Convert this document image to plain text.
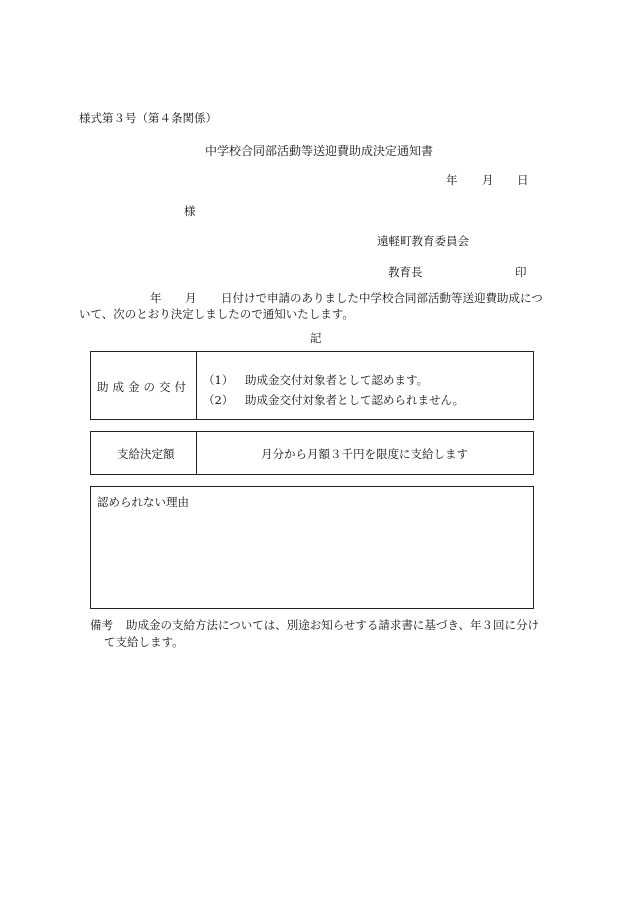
様式第３号（第４条関係）
中学校合同部活動等送迎費助成決定通知書
年 月 日
様
遠軽町教育委員会
教育長	印
年 月 日付けで申請のありました中学校合同部活動等送迎費助成につ
いて、次のとおり決定しましたので通知いたします。
記
助成金の交付 （1） 助成金交付対象者として認めます。
（2） 助成金交付対象者として認められません。
支給決定額	月分から月額３千円を限度に支給します
認められない理由
備考 助成金の支給方法については、別途お知らせする請求書に基づき、年３回に分け
て支給します。
